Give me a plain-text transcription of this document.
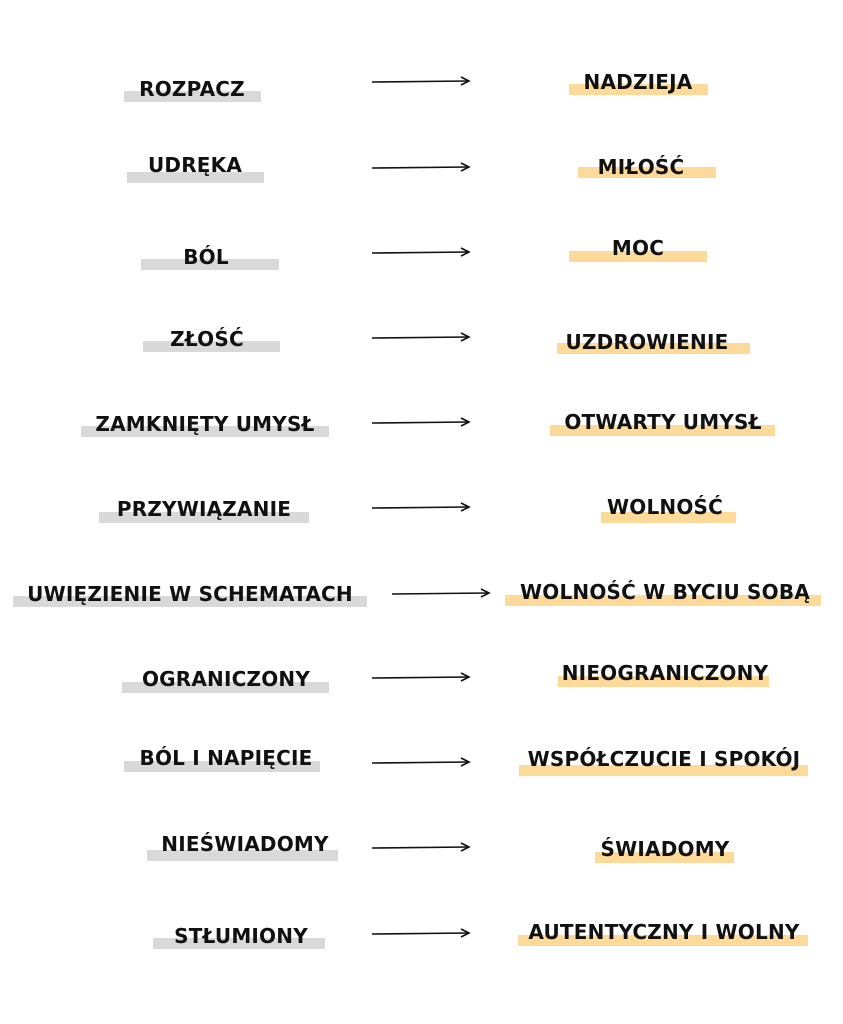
ROZPACZ	NADZIEJA
UDRĘKA	MIŁOŚĆ
BÓL	MOC
ZŁOŚĆ	UZDROWIENIE
ZAMKNIĘTY UMYSŁ	OTWARTY UMYSŁ
PRZYWIĄZANIE	WOLNOŚĆ
UWIĘZIENIE W SCHEMATACH	WOLNOŚĆ W BYCIU SOBĄ
OGRANICZONY	NIEOGRANICZONY
BÓL I NAPIĘCIE	WSPÓŁCZUCIE I SPOKÓJ
NIEŚWIADOMY	ŚWIADOMY
STŁUMIONY	AUTENTYCZNY I WOLNY
